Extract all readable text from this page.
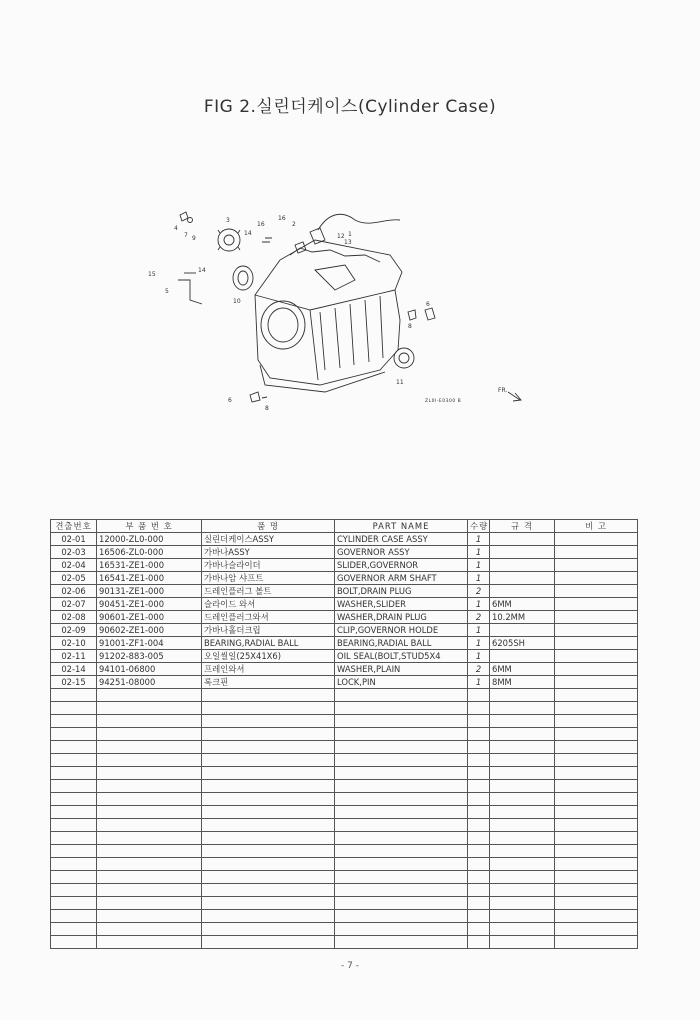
FIG 2.실린더케이스(Cylinder Case)
4
7 9
3
14
16
16
2
12 1
13
15
14
5
10
8
6
11
6
8
ZL0I-E0300 B
FR.
견출번호	부 품 번 호	품 명	PART NAME	수량	규 격	비 고
02-01	12000-ZL0-000	실린더케이스ASSY	CYLINDER CASE ASSY	1		
02-03	16506-ZL0-000	가바나ASSY	GOVERNOR ASSY	1		
02-04	16531-ZE1-000	가바나슬라이더	SLIDER,GOVERNOR	1		
02-05	16541-ZE1-000	가바나암 샤프트	GOVERNOR ARM SHAFT	1		
02-06	90131-ZE1-000	드레인플러그 볼트	BOLT,DRAIN PLUG	2		
02-07	90451-ZE1-000	슬라이드 와셔	WASHER,SLIDER	1	6MM	
02-08	90601-ZE1-000	드레인플러그와셔	WASHER,DRAIN PLUG	2	10.2MM	
02-09	90602-ZE1-000	가바나홀더크립	CLIP,GOVERNOR HOLDE	1		
02-10	91001-ZF1-004	BEARING,RADIAL BALL	BEARING,RADIAL BALL	1	6205SH	
02-11	91202-883-005	오일씰일(25X41X6)	OIL SEAL(BOLT,STUD5X4	1		
02-14	94101-06800	프레인와셔	WASHER,PLAIN	2	6MM	
02-15	94251-08000	록크핀	LOCK,PIN	1	8MM	

- 7 -
